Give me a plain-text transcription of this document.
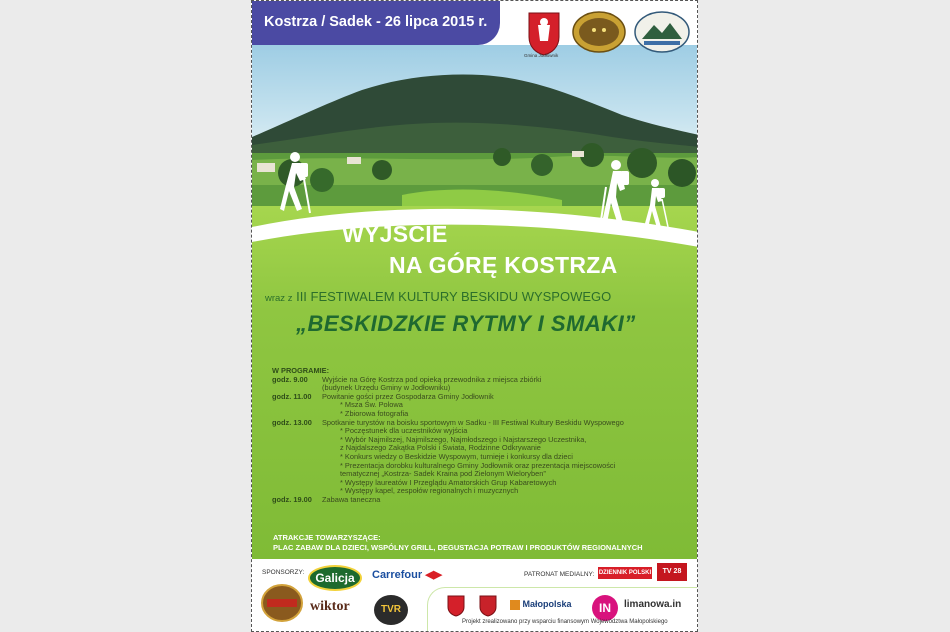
Kostrza / Sadek - 26 lipca 2015 r.
Gmina Jodłownik
WYJŚCIE
NA GÓRĘ KOSTRZA
wraz z III FESTIWALEM KULTURY BESKIDU WYSPOWEGO
„BESKIDZKIE RYTMY I SMAKI”
W PROGRAMIE:
godz. 9.00	Wyjście na Górę Kostrza pod opieką przewodnika z miejsca zbiórki
(budynek Urzędu Gminy w Jodłowniku)
godz. 11.00	Powitanie gości przez Gospodarza Gminy Jodłownik
* Msza Św. Polowa
* Zbiorowa fotografia
godz. 13.00	Spotkanie turystów na boisku sportowym w Sadku - III Festiwal Kultury Beskidu Wyspowego
* Poczęstunek dla uczestników wyjścia
* Wybór Najmilszej, Najmilszego, Najmłodszego i Najstarszego Uczestnika,
z Najdalszego Zakątka Polski i Świata, Rodzinne Odkrywanie
* Konkurs wiedzy o Beskidzie Wyspowym, turnieje i konkursy dla dzieci
* Prezentacja dorobku kulturalnego Gminy Jodłownik oraz prezentacja miejscowości
tematycznej „Kostrza- Sadek Kraina pod Zielonym Wieloryben”
* Występy laureatów I Przeglądu Amatorskich Grup Kabaretowych
* Występy kapel, zespołów regionalnych i muzycznych
godz. 19.00	Zabawa taneczna
ATRAKCJE TOWARZYSZĄCE:
PLAC ZABAW DLA DZIECI, WSPÓLNY GRILL, DEGUSTACJA POTRAW I PRODUKTÓW REGIONALNYCH
SPONSORZY: Galicja	Carrefour ◀▶	PATRONAT MEDIALNY: DZIENNIK POLSKI	TV 28
wiktor	TVR	Małopolska	IN	limanowa.in
Projekt zrealizowano przy wsparciu finansowym Województwa Małopolskiego
